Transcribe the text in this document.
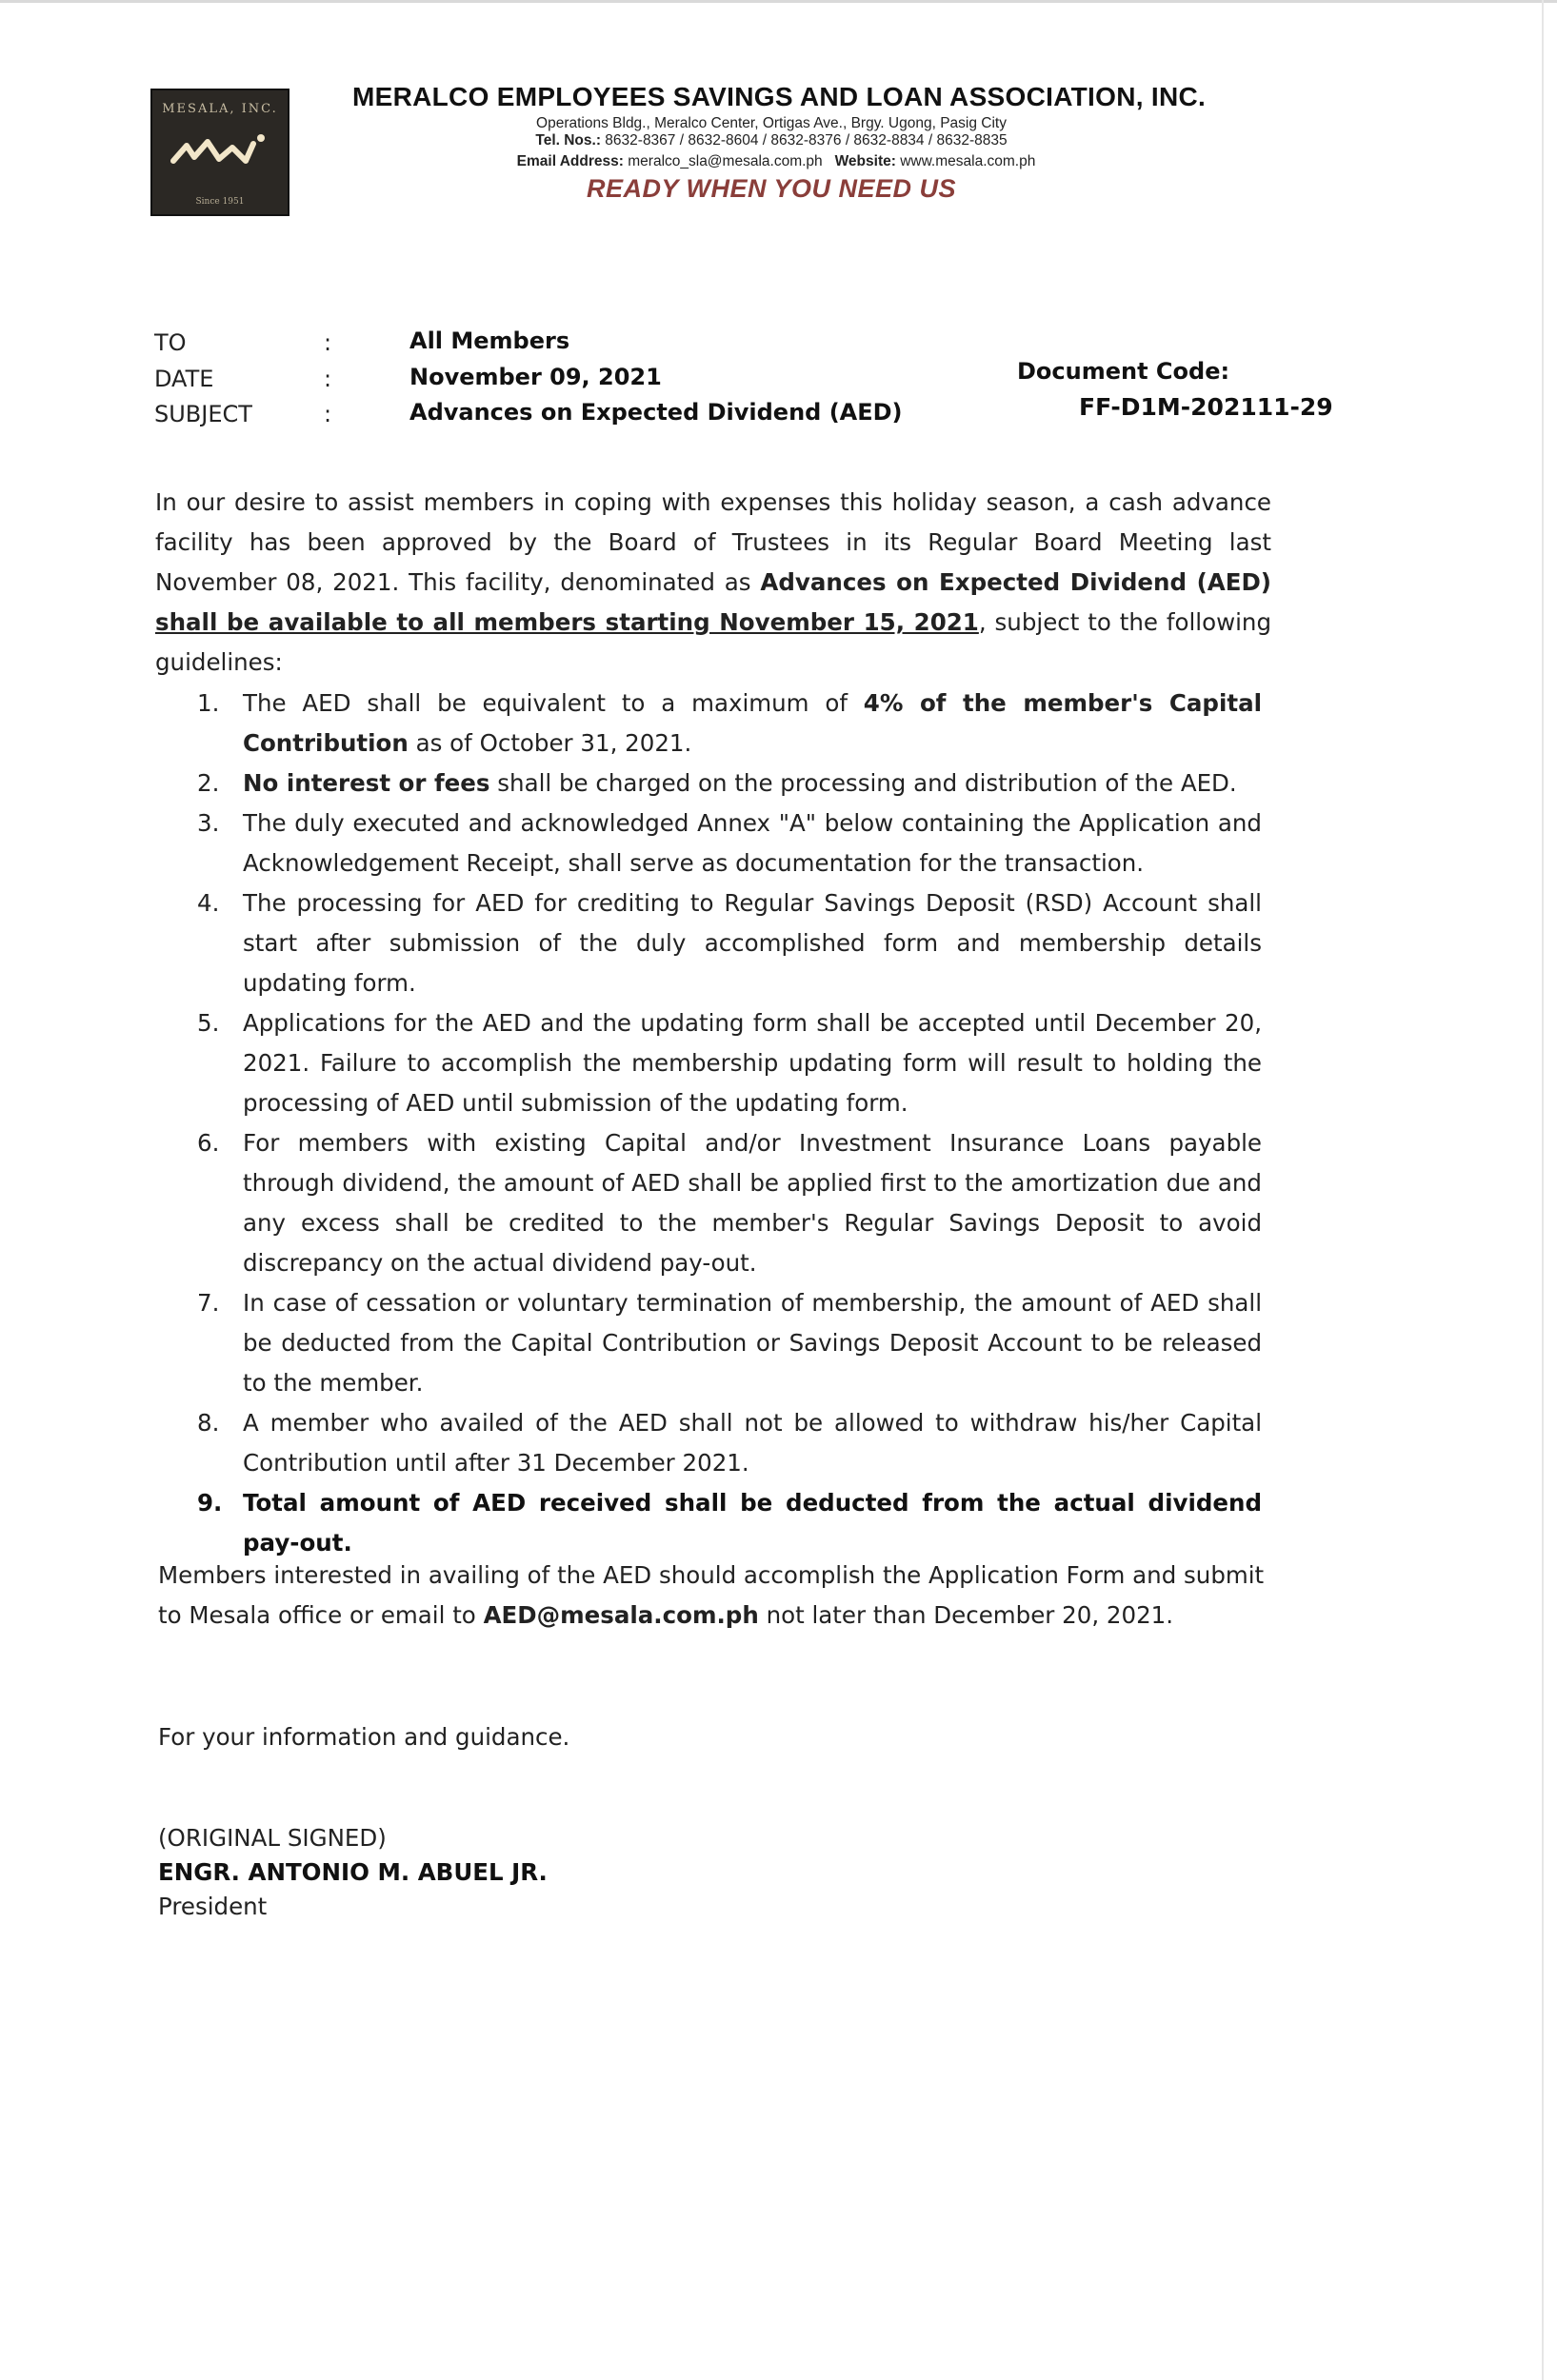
MESALA, INC.
Since 1951
MERALCO EMPLOYEES SAVINGS AND LOAN ASSOCIATION, INC.
Operations Bldg., Meralco Center, Ortigas Ave., Brgy. Ugong, Pasig City
Tel. Nos.: 8632-8367 / 8632-8604 / 8632-8376 / 8632-8834 / 8632-8835
Email Address: meralco_sla@mesala.com.ph Website: www.mesala.com.ph
READY WHEN YOU NEED US
TO	:	All Members
DATE	:	November 09, 2021
SUBJECT	:	Advances on Expected Dividend (AED)
Document Code:
FF-D1M-202111-29
In our desire to assist members in coping with expenses this holiday season, a cash advance facility has been approved by the Board of Trustees in its Regular Board Meeting last November 08, 2021. This facility, denominated as Advances on Expected Dividend (AED) shall be available to all members starting November 15, 2021, subject to the following guidelines:
1.	The AED shall be equivalent to a maximum of 4% of the member's Capital Contribution as of October 31, 2021.
2.	No interest or fees shall be charged on the processing and distribution of the AED.
3.	The duly executed and acknowledged Annex "A" below containing the Application and Acknowledgement Receipt, shall serve as documentation for the transaction.
4.	The processing for AED for crediting to Regular Savings Deposit (RSD) Account shall start after submission of the duly accomplished form and membership details updating form.
5.	Applications for the AED and the updating form shall be accepted until December 20, 2021. Failure to accomplish the membership updating form will result to holding the processing of AED until submission of the updating form.
6.	For members with existing Capital and/or Investment Insurance Loans payable through dividend, the amount of AED shall be applied first to the amortization due and any excess shall be credited to the member's Regular Savings Deposit to avoid discrepancy on the actual dividend pay-out.
7.	In case of cessation or voluntary termination of membership, the amount of AED shall be deducted from the Capital Contribution or Savings Deposit Account to be released to the member.
8.	A member who availed of the AED shall not be allowed to withdraw his/her Capital Contribution until after 31 December 2021.
9. Total amount of AED received shall be deducted from the actual dividend pay-out.
Members interested in availing of the AED should accomplish the Application Form and submit to Mesala office or email to AED@mesala.com.ph not later than December 20, 2021.
For your information and guidance.
(ORIGINAL SIGNED)
ENGR. ANTONIO M. ABUEL JR.
President
